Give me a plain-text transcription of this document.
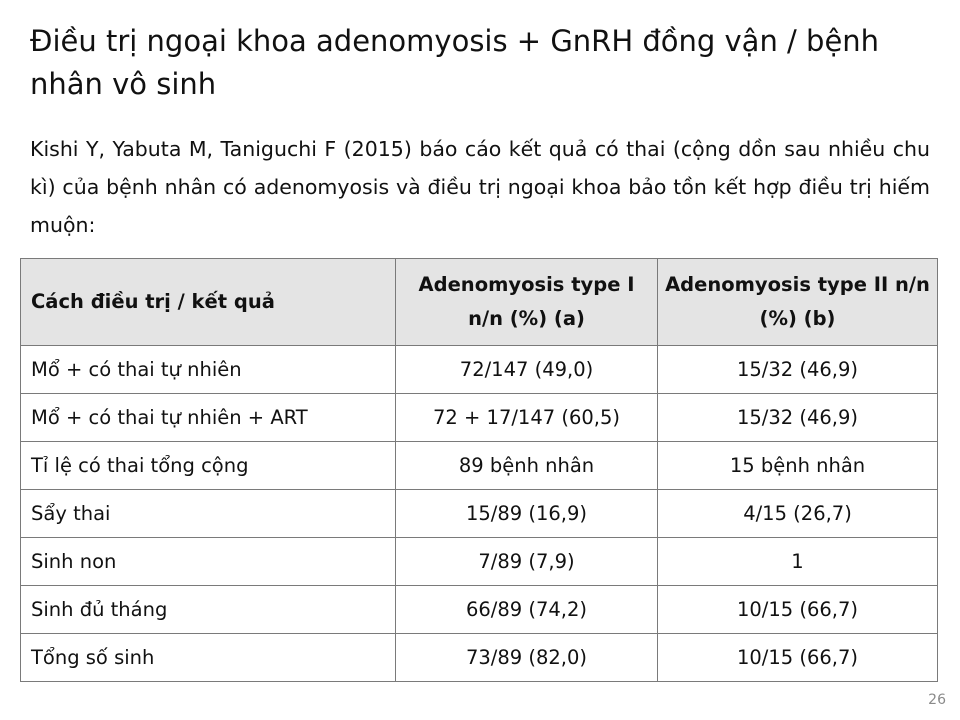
Điều trị ngoại khoa adenomyosis + GnRH đồng vận / bệnh nhân vô sinh

Kishi Y, Yabuta M, Taniguchi F (2015) báo cáo kết quả có thai (cộng dồn sau nhiều chu kì) của bệnh nhân có adenomyosis và điều trị ngoại khoa bảo tồn kết hợp điều trị hiếm muộn:

Cách điều trị / kết quả	Adenomyosis type I n/n (%) (a)	Adenomyosis type II n/n (%) (b)
Mổ + có thai tự nhiên	72/147 (49,0)	15/32 (46,9)
Mổ + có thai tự nhiên + ART	72 + 17/147 (60,5)	15/32 (46,9)
Tỉ lệ có thai tổng cộng	89 bệnh nhân	15 bệnh nhân
Sẩy thai	15/89 (16,9)	4/15 (26,7)
Sinh non	7/89 (7,9)	1
Sinh đủ tháng	66/89 (74,2)	10/15 (66,7)
Tổng số sinh	73/89 (82,0)	10/15 (66,7)
26
